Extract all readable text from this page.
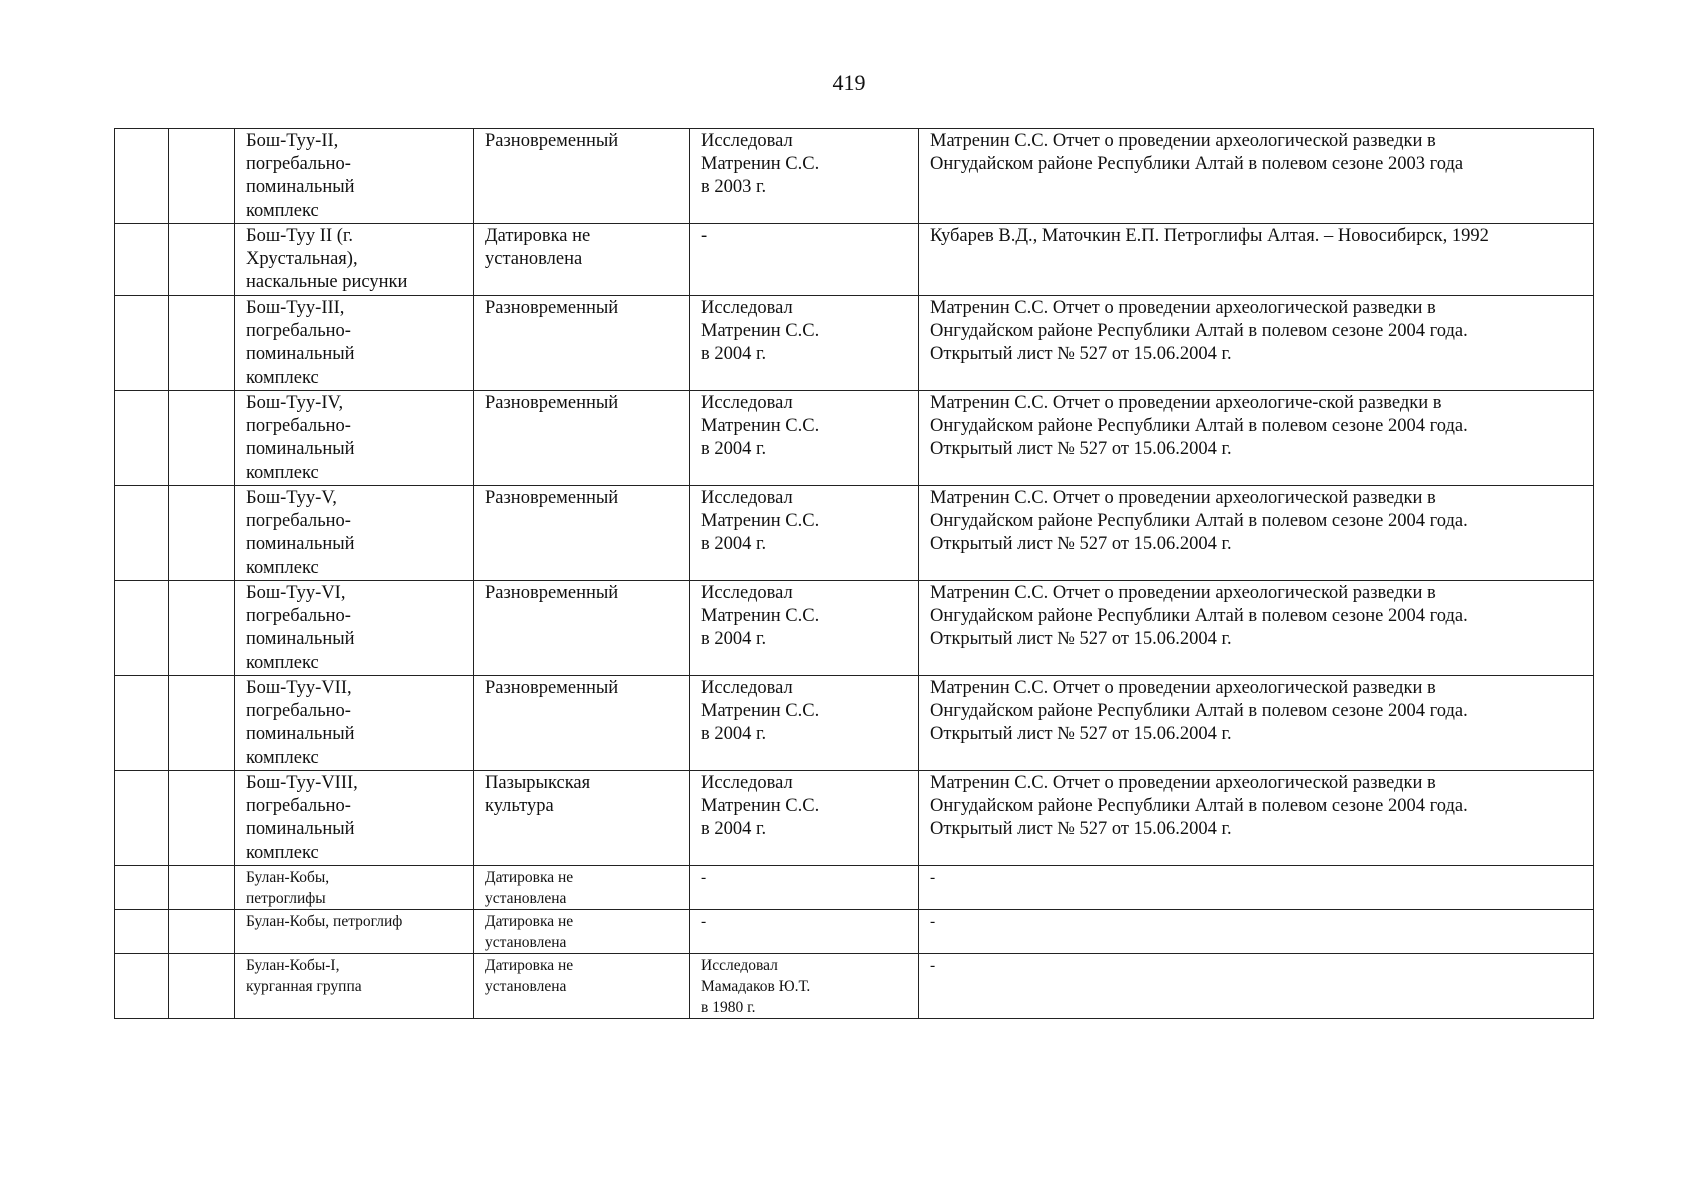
419
		Бош-Туу-II,
погребально-
поминальный
комплекс	Разновременный	Исследовал
Матренин С.С.
в 2003 г.	Матренин С.С. Отчет о проведении археологической разведки в
Онгудайском районе Республики Алтай в полевом сезоне 2003 года
		Бош-Туу II (г.
Хрустальная),
наскальные рисунки	Датировка не
установлена	-	Кубарев В.Д., Маточкин Е.П. Петроглифы Алтая. – Новосибирск, 1992
		Бош-Туу-III,
погребально-
поминальный
комплекс	Разновременный	Исследовал
Матренин С.С.
в 2004 г.	Матренин С.С. Отчет о проведении археологической разведки в
Онгудайском районе Республики Алтай в полевом сезоне 2004 года.
Открытый лист № 527 от 15.06.2004 г.
		Бош-Туу-IV,
погребально-
поминальный
комплекс	Разновременный	Исследовал
Матренин С.С.
в 2004 г.	Матренин С.С. Отчет о проведении археологиче-ской разведки в
Онгудайском районе Республики Алтай в полевом сезоне 2004 года.
Открытый лист № 527 от 15.06.2004 г.
		Бош-Туу-V,
погребально-
поминальный
комплекс	Разновременный	Исследовал
Матренин С.С.
в 2004 г.	Матренин С.С. Отчет о проведении археологической разведки в
Онгудайском районе Республики Алтай в полевом сезоне 2004 года.
Открытый лист № 527 от 15.06.2004 г.
		Бош-Туу-VI,
погребально-
поминальный
комплекс	Разновременный	Исследовал
Матренин С.С.
в 2004 г.	Матренин С.С. Отчет о проведении археологической разведки в
Онгудайском районе Республики Алтай в полевом сезоне 2004 года.
Открытый лист № 527 от 15.06.2004 г.
		Бош-Туу-VII,
погребально-
поминальный
комплекс	Разновременный	Исследовал
Матренин С.С.
в 2004 г.	Матренин С.С. Отчет о проведении археологической разведки в
Онгудайском районе Республики Алтай в полевом сезоне 2004 года.
Открытый лист № 527 от 15.06.2004 г.
		Бош-Туу-VIII,
погребально-
поминальный
комплекс	Пазырыкская
культура	Исследовал
Матренин С.С.
в 2004 г.	Матренин С.С. Отчет о проведении археологической разведки в
Онгудайском районе Республики Алтай в полевом сезоне 2004 года.
Открытый лист № 527 от 15.06.2004 г.
		Булан-Кобы,
петроглифы	Датировка не
установлена	-	-
		Булан-Кобы, петроглиф	Датировка не
установлена	-	-
		Булан-Кобы-I,
курганная группа	Датировка не
установлена	Исследовал
Мамадаков Ю.Т.
в 1980 г.	-
